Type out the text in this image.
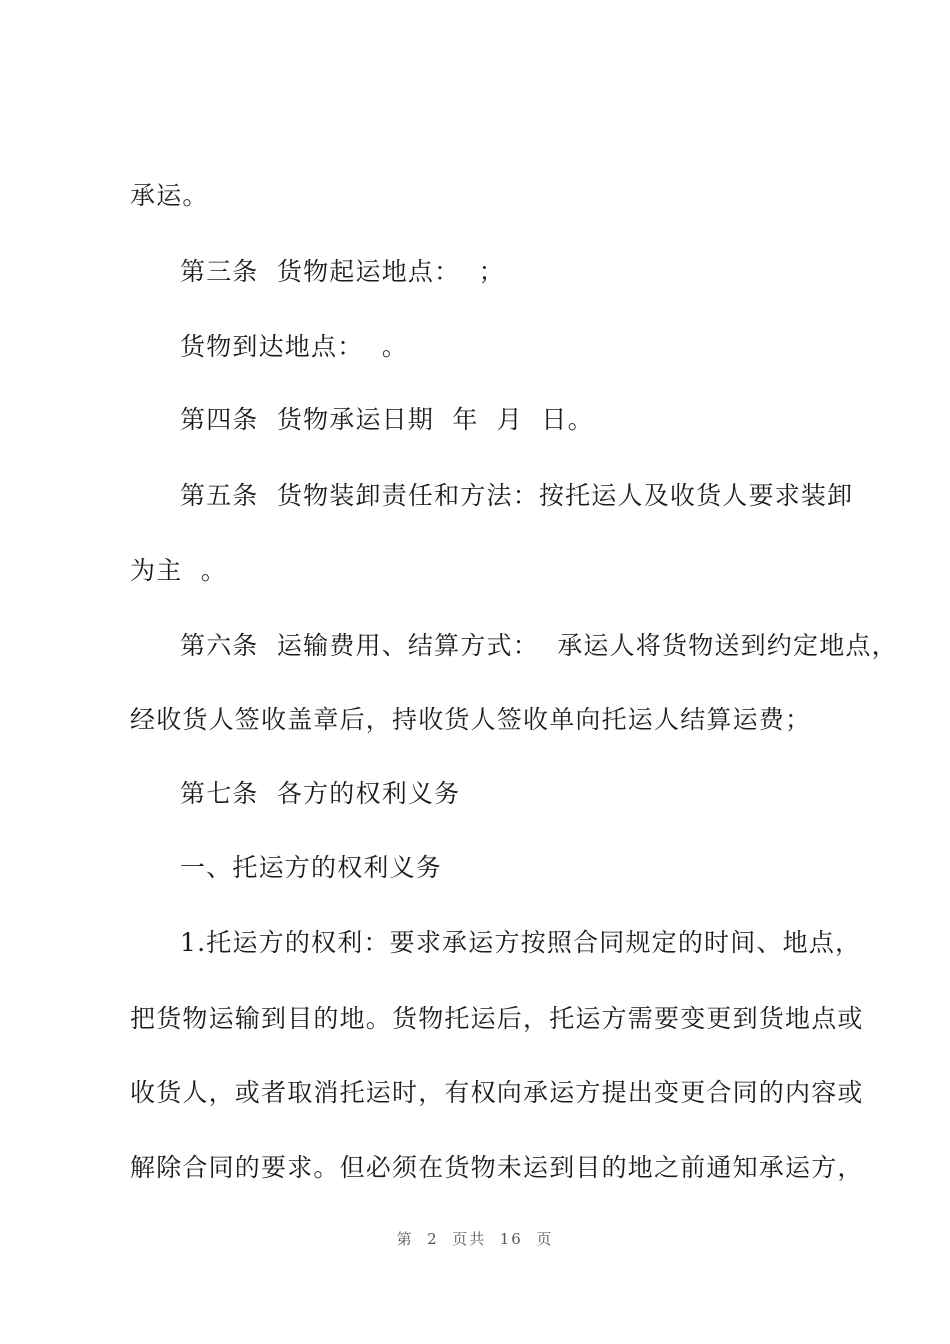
承运。
第三条  货物起运地点：  ；
货物到达地点：  。
第四条  货物承运日期  年  月  日。
第五条  货物装卸责任和方法：按托运人及收货人要求装卸
为主  。
第六条  运输费用、结算方式：  承运人将货物送到约定地点，
经收货人签收盖章后，持收货人签收单向托运人结算运费；
第七条  各方的权利义务
一、托运方的权利义务
1.托运方的权利：要求承运方按照合同规定的时间、地点，
把货物运输到目的地。货物托运后，托运方需要变更到货地点或
收货人，或者取消托运时，有权向承运方提出变更合同的内容或
解除合同的要求。但必须在货物未运到目的地之前通知承运方，
第  2  页共  16  页
